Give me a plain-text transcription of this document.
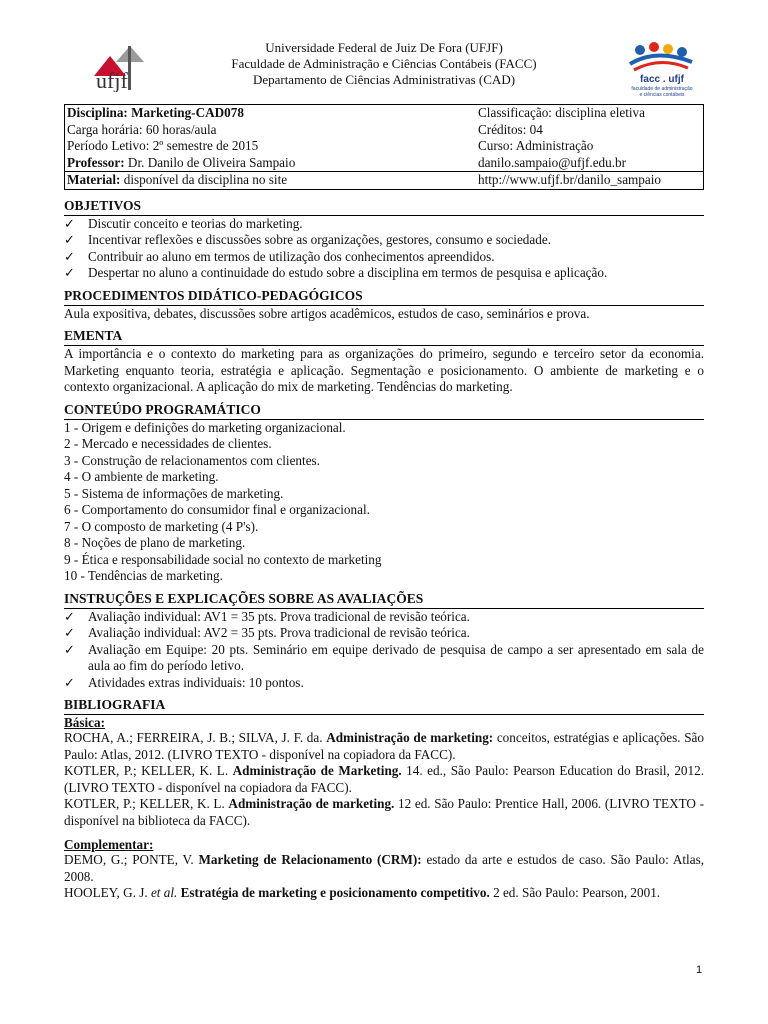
ufjf
Universidade Federal de Juiz De Fora (UFJF)
Faculdade de Administração e Ciências Contábeis (FACC)
Departamento de Ciências Administrativas (CAD)	facc . ufjf
faculdade de administração
e ciências contábeis
Disciplina: Marketing-CAD078	Classificação: disciplina eletiva
Carga horária: 60 horas/aula	Créditos: 04
Período Letivo: 2º semestre de 2015	Curso: Administração
Professor: Dr. Danilo de Oliveira Sampaio	danilo.sampaio@ufjf.edu.br
Material: disponível da disciplina no site	http://www.ufjf.br/danilo_sampaio
OBJETIVOS
✓ Discutir conceito e teorias do marketing.
✓ Incentivar reflexões e discussões sobre as organizações, gestores, consumo e sociedade.
✓ Contribuir ao aluno em termos de utilização dos conhecimentos apreendidos.
✓ Despertar no aluno a continuidade do estudo sobre a disciplina em termos de pesquisa e aplicação.
PROCEDIMENTOS DIDÁTICO-PEDAGÓGICOS
Aula expositiva, debates, discussões sobre artigos acadêmicos, estudos de caso, seminários e prova.
EMENTA
A importância e o contexto do marketing para as organizações do primeiro, segundo e terceiro setor da economia. Marketing enquanto teoria, estratégia e aplicação. Segmentação e posicionamento. O ambiente de marketing e o contexto organizacional. A aplicação do mix de marketing. Tendências do marketing.
CONTEÚDO PROGRAMÁTICO
1 - Origem e definições do marketing organizacional.
2 - Mercado e necessidades de clientes.
3 - Construção de relacionamentos com clientes.
4 - O ambiente de marketing.
5 - Sistema de informações de marketing.
6 - Comportamento do consumidor final e organizacional.
7 - O composto de marketing (4 P's).
8 - Noções de plano de marketing.
9 - Ética e responsabilidade social no contexto de marketing
10 - Tendências de marketing.
INSTRUÇÕES E EXPLICAÇÕES SOBRE AS AVALIAÇÕES
✓ Avaliação individual: AV1 = 35 pts. Prova tradicional de revisão teórica.
✓ Avaliação individual: AV2 = 35 pts. Prova tradicional de revisão teórica.
✓ Avaliação em Equipe: 20 pts. Seminário em equipe derivado de pesquisa de campo a ser apresentado em sala de aula ao fim do período letivo.
✓ Atividades extras individuais: 10 pontos.
BIBLIOGRAFIA
Básica:
ROCHA, A.; FERREIRA, J. B.; SILVA, J. F. da. Administração de marketing: conceitos, estratégias e aplicações. São Paulo: Atlas, 2012. (LIVRO TEXTO - disponível na copiadora da FACC).
KOTLER, P.; KELLER, K. L. Administração de Marketing. 14. ed., São Paulo: Pearson Education do Brasil, 2012. (LIVRO TEXTO - disponível na copiadora da FACC).
KOTLER, P.; KELLER, K. L. Administração de marketing. 12 ed. São Paulo: Prentice Hall, 2006. (LIVRO TEXTO - disponível na biblioteca da FACC).
Complementar:
DEMO, G.; PONTE, V. Marketing de Relacionamento (CRM): estado da arte e estudos de caso. São Paulo: Atlas, 2008.
HOOLEY, G. J. et al. Estratégia de marketing e posicionamento competitivo. 2 ed. São Paulo: Pearson, 2001.
1
